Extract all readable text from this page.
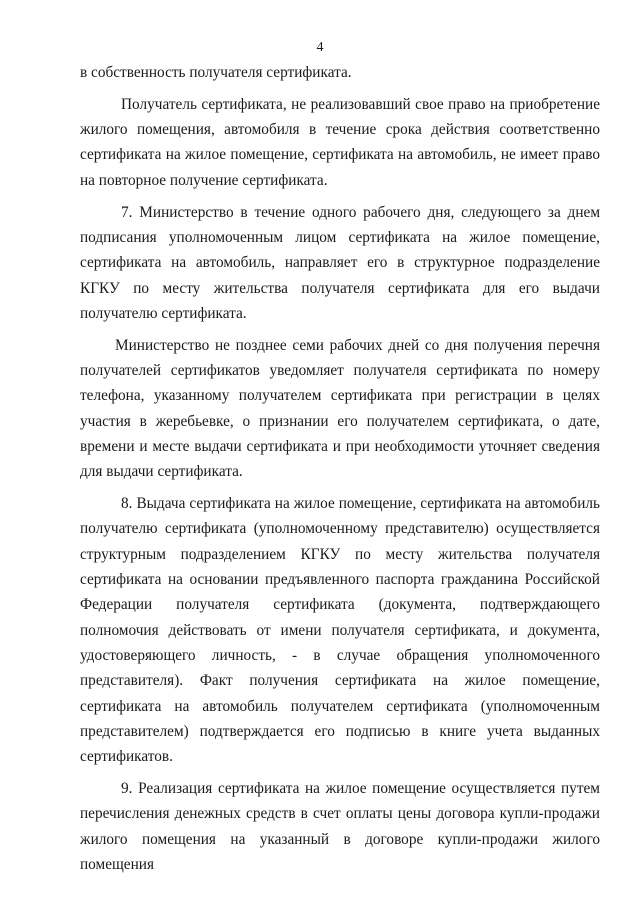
4

в собственность получателя сертификата.

Получатель сертификата, не реализовавший свое право на приобретение жилого помещения, автомобиля в течение срока действия соответственно сертификата на жилое помещение, сертификата на автомобиль, не имеет право на повторное получение сертификата.

7. Министерство в течение одного рабочего дня, следующего за днем подписания уполномоченным лицом сертификата на жилое помещение, сертификата на автомобиль, направляет его в структурное подразделение КГКУ по месту жительства получателя сертификата для его выдачи получателю сертификата.

Министерство не позднее семи рабочих дней со дня получения перечня получателей сертификатов уведомляет получателя сертификата по номеру телефона, указанному получателем сертификата при регистрации в целях участия в жеребьевке, о признании его получателем сертификата, о дате, времени и месте выдачи сертификата и при необходимости уточняет сведения для выдачи сертификата.

8. Выдача сертификата на жилое помещение, сертификата на автомобиль получателю сертификата (уполномоченному представителю) осуществляется структурным подразделением КГКУ по месту жительства получателя сертификата на основании предъявленного паспорта гражданина Российской Федерации получателя сертификата (документа, подтверждающего полномочия действовать от имени получателя сертификата, и документа, удостоверяющего личность, - в случае обращения уполномоченного представителя). Факт получения сертификата на жилое помещение, сертификата на автомобиль получателем сертификата (уполномоченным представителем) подтверждается его подписью в книге учета выданных сертификатов.

9. Реализация сертификата на жилое помещение осуществляется путем перечисления денежных средств в счет оплаты цены договора купли-продажи жилого помещения на указанный в договоре купли-продажи жилого помещения
